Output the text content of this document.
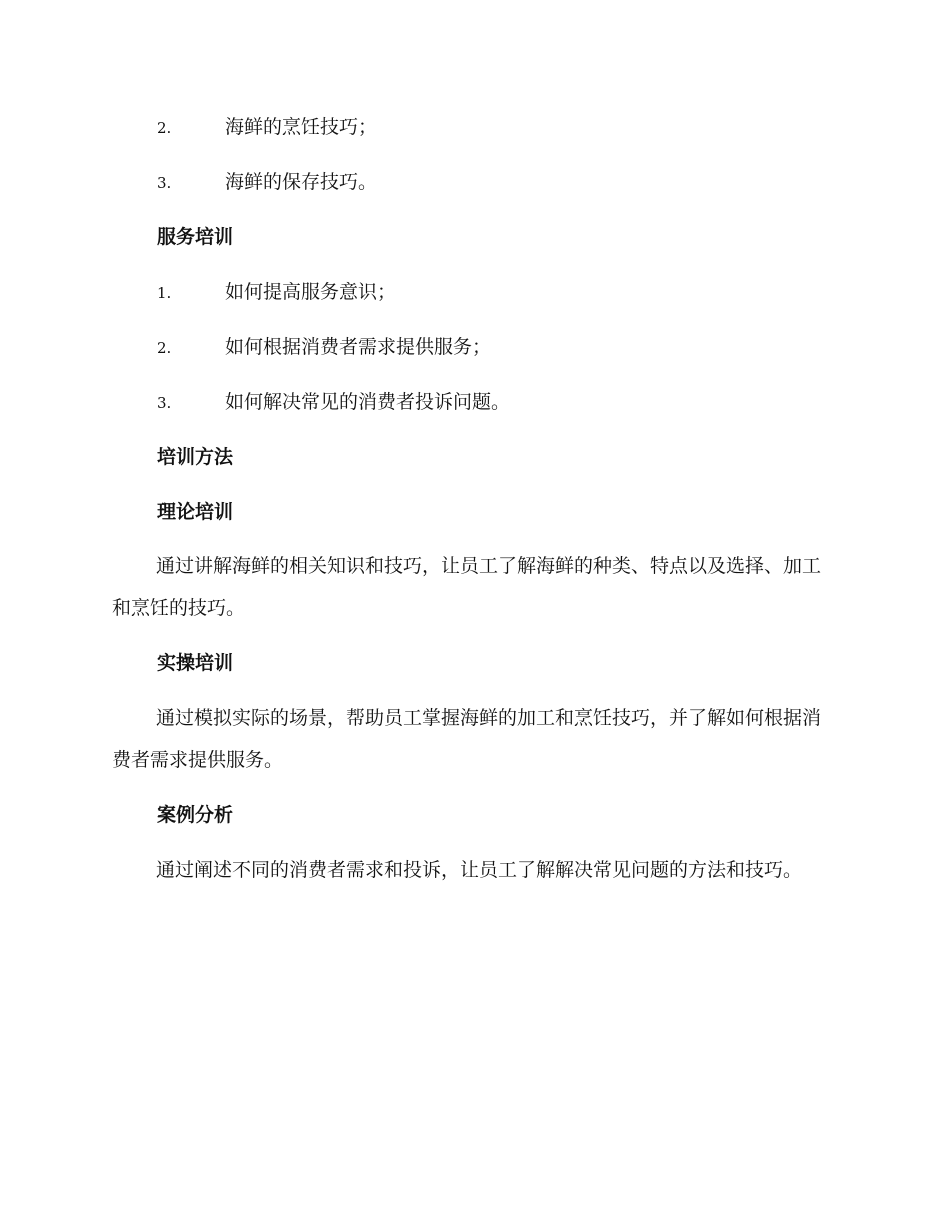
2.	海鲜的烹饪技巧；
3.	海鲜的保存技巧。
服务培训
1.	如何提高服务意识；
2.	如何根据消费者需求提供服务；
3.	如何解决常见的消费者投诉问题。
培训方法
理论培训

通过讲解海鲜的相关知识和技巧，让员工了解海鲜的种类、特点以及选择、加工和烹饪的技巧。

实操培训

通过模拟实际的场景，帮助员工掌握海鲜的加工和烹饪技巧，并了解如何根据消费者需求提供服务。

案例分析

通过阐述不同的消费者需求和投诉，让员工了解解决常见问题的方法和技巧。
